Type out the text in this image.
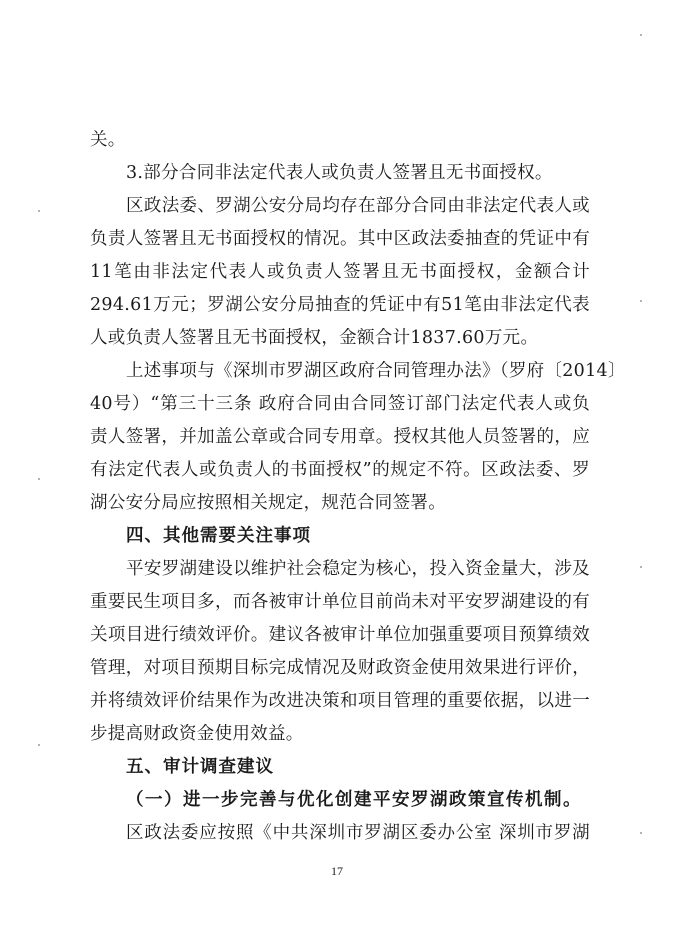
关。
3.部分合同非法定代表人或负责人签署且无书面授权。
区政法委、罗湖公安分局均存在部分合同由非法定代表人或
负责人签署且无书面授权的情况。其中区政法委抽查的凭证中有
11笔由非法定代表人或负责人签署且无书面授权，金额合计
294.61万元；罗湖公安分局抽查的凭证中有51笔由非法定代表
人或负责人签署且无书面授权，金额合计1837.60万元。
上述事项与《深圳市罗湖区政府合同管理办法》（罗府〔2014〕
40号）“第三十三条 政府合同由合同签订部门法定代表人或负
责人签署，并加盖公章或合同专用章。授权其他人员签署的，应
有法定代表人或负责人的书面授权”的规定不符。区政法委、罗
湖公安分局应按照相关规定，规范合同签署。
四、其他需要关注事项
平安罗湖建设以维护社会稳定为核心，投入资金量大，涉及
重要民生项目多，而各被审计单位目前尚未对平安罗湖建设的有
关项目进行绩效评价。建议各被审计单位加强重要项目预算绩效
管理，对项目预期目标完成情况及财政资金使用效果进行评价，
并将绩效评价结果作为改进决策和项目管理的重要依据，以进一
步提高财政资金使用效益。
五、审计调查建议
（一）进一步完善与优化创建平安罗湖政策宣传机制。
区政法委应按照《中共深圳市罗湖区委办公室 深圳市罗湖
17
